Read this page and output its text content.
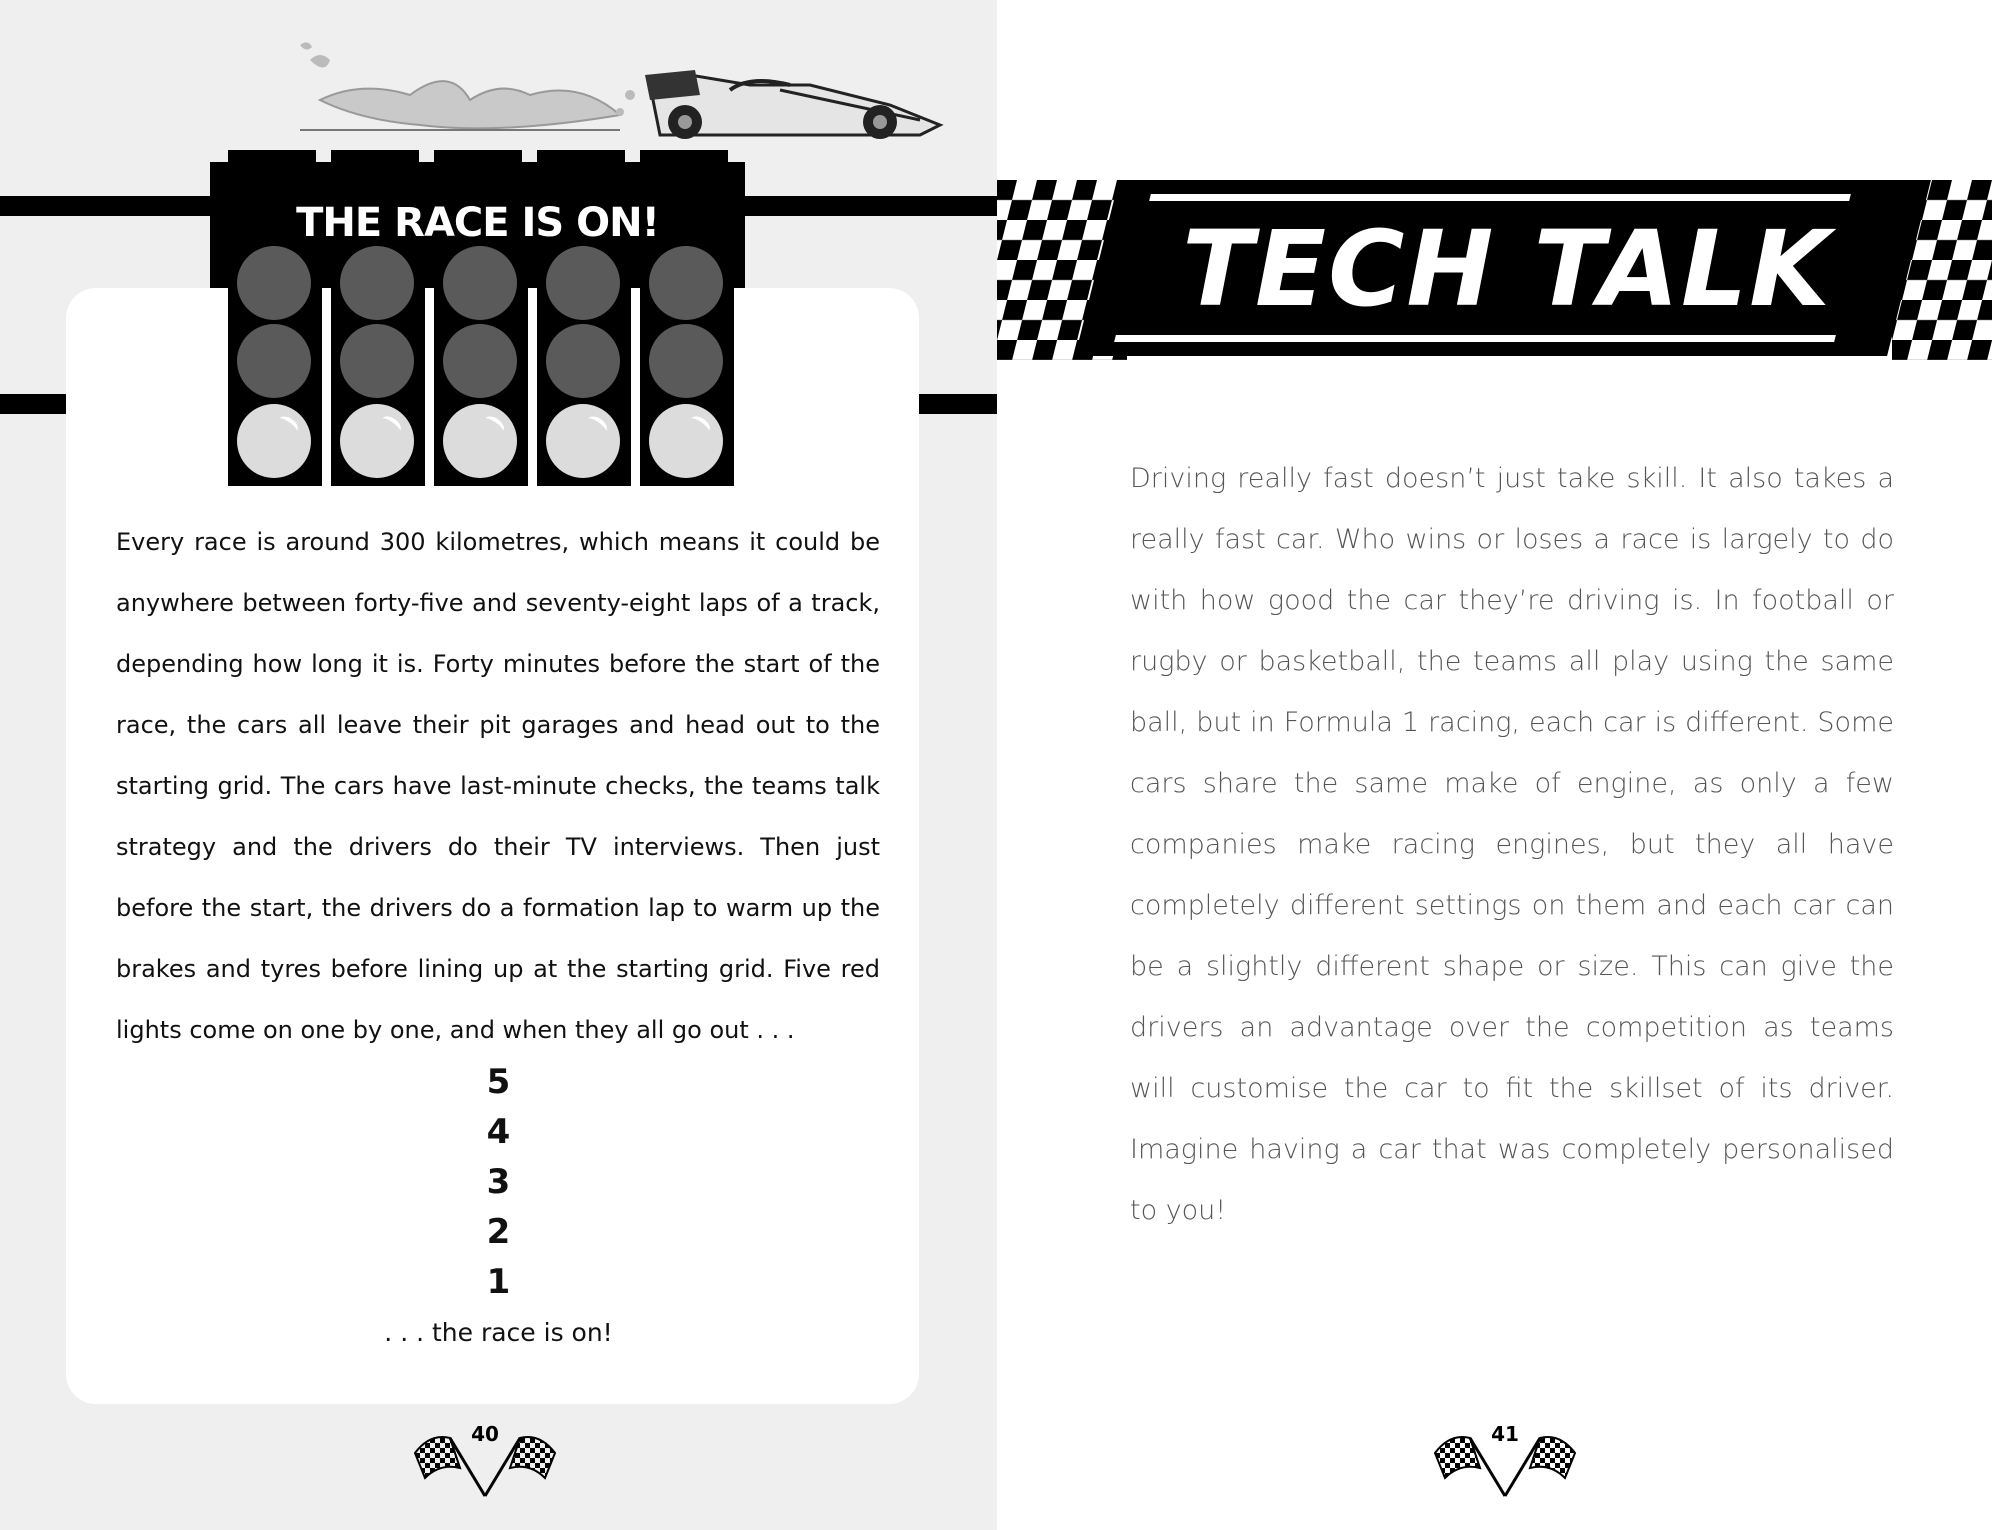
THE RACE IS ON!

Every race is around 300 kilometres, which means it could be anywhere between forty-five and seventy-eight laps of a track, depending how long it is. Forty minutes before the start of the race, the cars all leave their pit garages and head out to the starting grid. The cars have last-minute checks, the teams talk strategy and the drivers do their TV interviews. Then just before the start, the drivers do a formation lap to warm up the brakes and tyres before lining up at the starting grid. Five red lights come on one by one, and when they all go out . . .

5
4
3
2
1
. . . the race is on!
40
TECH TALK

Driving really fast doesn’t just take skill. It also takes a really fast car. Who wins or loses a race is largely to do with how good the car they’re driving is. In football or rugby or basketball, the teams all play using the same ball, but in Formula 1 racing, each car is different. Some cars share the same make of engine, as only a few companies make racing engines, but they all have completely different settings on them and each car can be a slightly different shape or size. This can give the drivers an advantage over the competition as teams will customise the car to fit the skillset of its driver. Imagine having a car that was completely personalised to you!

41
